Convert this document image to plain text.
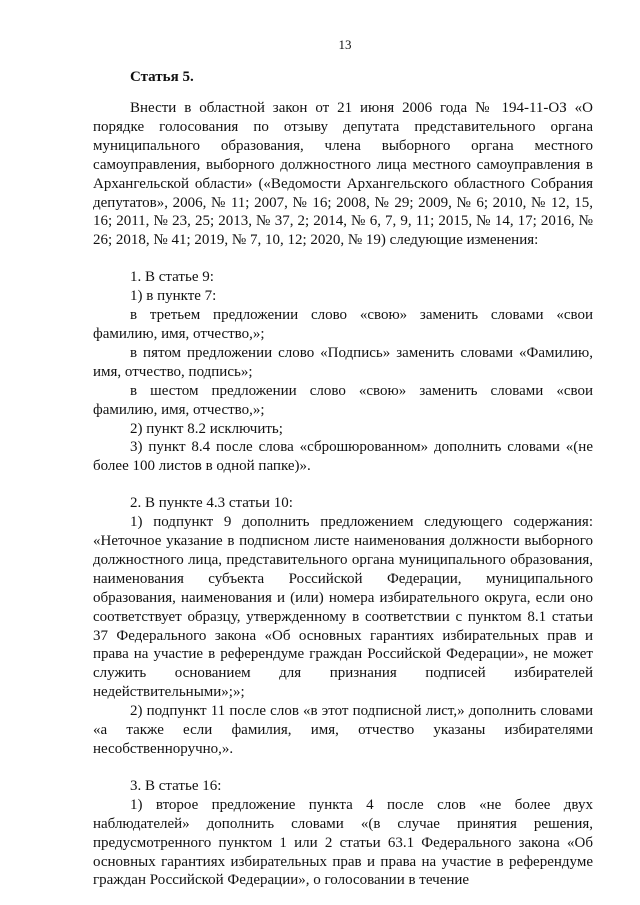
13
Статья 5.

Внести в областной закон от 21 июня 2006 года № 194-11-ОЗ «О порядке голосования по отзыву депутата представительного органа муниципального образования, члена выборного органа местного самоуправления, выборного должностного лица местного самоуправления в Архангельской области» («Ведомости Архангельского областного Собрания депутатов», 2006, № 11; 2007, № 16; 2008, № 29; 2009, № 6; 2010, № 12, 15, 16; 2011, № 23, 25; 2013, № 37, 2; 2014, № 6, 7, 9, 11; 2015, № 14, 17; 2016, № 26; 2018, № 41; 2019, № 7, 10, 12; 2020, № 19) следующие изменения:

1. В статье 9:

1) в пункте 7:

в третьем предложении слово «свою» заменить словами «свои фамилию, имя, отчество,»;

в пятом предложении слово «Подпись» заменить словами «Фамилию, имя, отчество, подпись»;

в шестом предложении слово «свою» заменить словами «свои фамилию, имя, отчество,»;

2) пункт 8.2 исключить;

3) пункт 8.4 после слова «сброшюрованном» дополнить словами «(не более 100 листов в одной папке)».

2. В пункте 4.3 статьи 10:

1) подпункт 9 дополнить предложением следующего содержания: «Неточное указание в подписном листе наименования должности выборного должностного лица, представительного органа муниципального образования, наименования субъекта Российской Федерации, муниципального образования, наименования и (или) номера избирательного округа, если оно соответствует образцу, утвержденному в соответствии с пунктом 8.1 статьи 37 Федерального закона «Об основных гарантиях избирательных прав и права на участие в референдуме граждан Российской Федерации», не может служить основанием для признания подписей избирателей недействительными»;»;

2) подпункт 11 после слов «в этот подписной лист,» дополнить словами «а также если фамилия, имя, отчество указаны избирателями несобственноручно,».

3. В статье 16:

1) второе предложение пункта 4 после слов «не более двух наблюдателей» дополнить словами «(в случае принятия решения, предусмотренного пунктом 1 или 2 статьи 63.1 Федерального закона «Об основных гарантиях избирательных прав и права на участие в референдуме граждан Российской Федерации», о голосовании в течение
